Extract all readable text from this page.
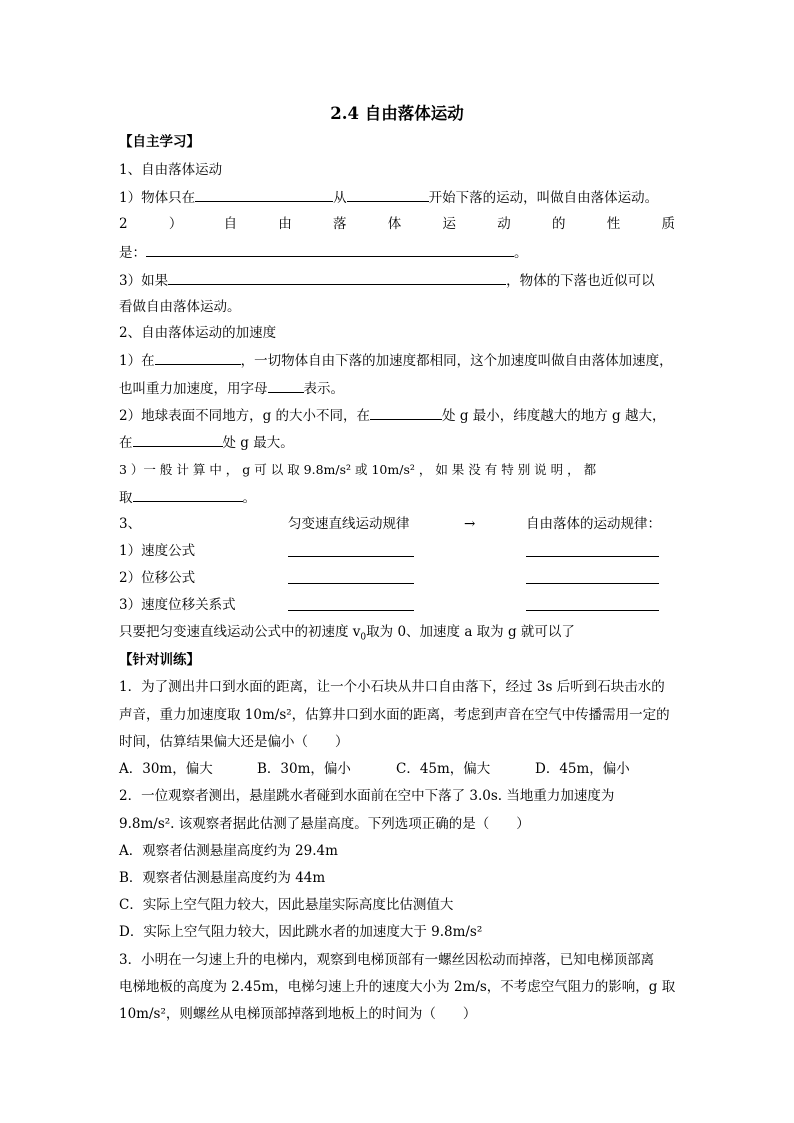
2.4 自由落体运动
【自主学习】
1、自由落体运动
1）物体只在	从	开始下落的运动，叫做自由落体运动。
2	）	自	由	落	体	运	动	的	性	质
是：	。
3）如果	，物体的下落也近似可以
看做自由落体运动。
2、自由落体运动的加速度
1）在	，一切物体自由下落的加速度都相同，这个加速度叫做自由落体加速度，
也叫重力加速度，用字母	表示。
2）地球表面不同地方，g 的大小不同，在	处 g 最小，纬度越大的地方 g 越大，
在	处 g 最大。
3 ）一 般 计 算 中 ， g 可 以 取 9.8m/s² 或 10m/s² ， 如 果 没 有 特 别 说 明 ， 都
取	。
3、	匀变速直线运动规律	→	自由落体的运动规律：
1）速度公式
2）位移公式
3）速度位移关系式
只要把匀变速直线运动公式中的初速度 $v_0$取为 0、加速度 a 取为 g 就可以了
【针对训练】
1．为了测出井口到水面的距离，让一个小石块从井口自由落下，经过 3s 后听到石块击水的
声音，重力加速度取 10m/s²，估算井口到水面的距离，考虑到声音在空气中传播需用一定的
时间，估算结果偏大还是偏小（　　）
A．30m，偏大	B．30m，偏小	C．45m，偏大	D．45m，偏小
2．一位观察者测出，悬崖跳水者碰到水面前在空中下落了 3.0s. 当地重力加速度为
9.8m/s². 该观察者据此估测了悬崖高度。下列选项正确的是（　　）
A．观察者估测悬崖高度约为 29.4m
B．观察者估测悬崖高度约为 44m
C．实际上空气阻力较大，因此悬崖实际高度比估测值大
D．实际上空气阻力较大，因此跳水者的加速度大于 9.8m/s²
3．小明在一匀速上升的电梯内，观察到电梯顶部有一螺丝因松动而掉落，已知电梯顶部离
电梯地板的高度为 2.45m，电梯匀速上升的速度大小为 2m/s，不考虑空气阻力的影响，g 取
10m/s²，则螺丝从电梯顶部掉落到地板上的时间为（　　）
